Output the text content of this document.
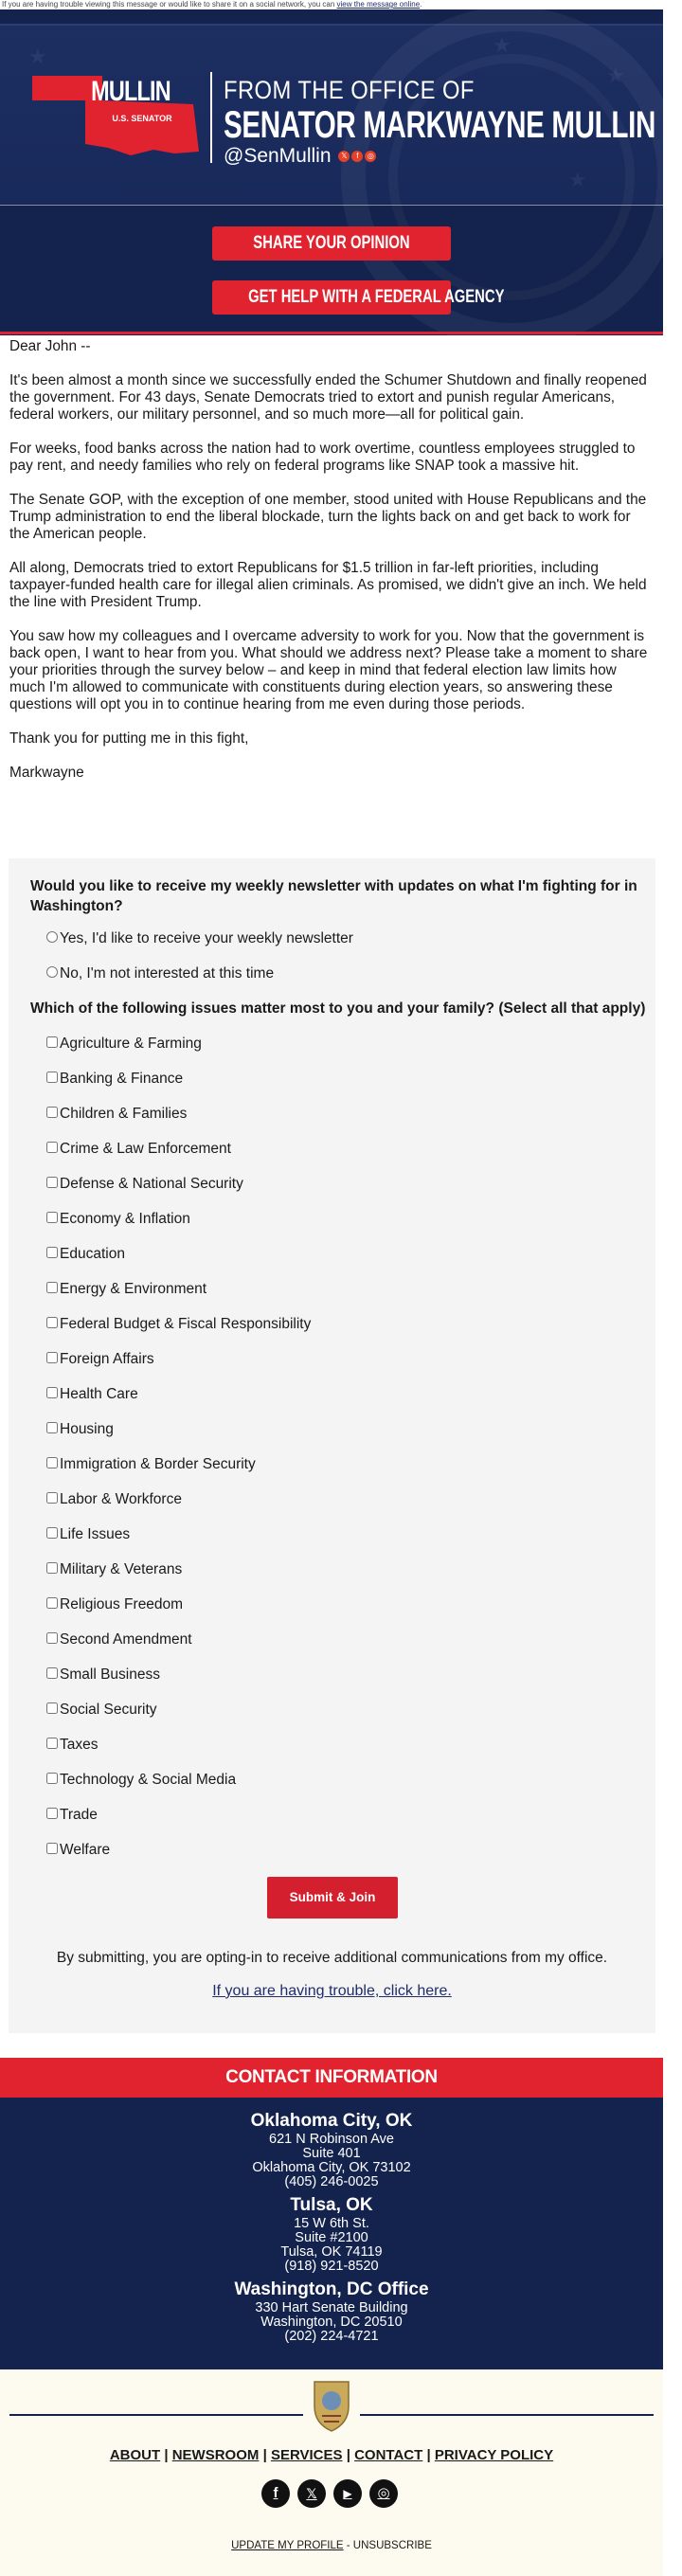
If you are having trouble viewing this message or would like to share it on a social network, you can view the message online.
★
★
★
★
MULLIN
U.S. SENATOR
FROM THE OFFICE OF
SENATOR MARKWAYNE MULLIN
@SenMullin 𝕏 f ◎
SHARE YOUR OPINION
GET HELP WITH A FEDERAL AGENCY

Dear John --

It's been almost a month since we successfully ended the Schumer Shutdown and finally reopened the government. For 43 days, Senate Democrats tried to extort and punish regular Americans, federal workers, our military personnel, and so much more—all for political gain.

For weeks, food banks across the nation had to work overtime, countless employees struggled to pay rent, and needy families who rely on federal programs like SNAP took a massive hit.

The Senate GOP, with the exception of one member, stood united with House Republicans and the Trump administration to end the liberal blockade, turn the lights back on and get back to work for the American people.

All along, Democrats tried to extort Republicans for $1.5 trillion in far-left priorities, including taxpayer-funded health care for illegal alien criminals. As promised, we didn't give an inch. We held the line with President Trump.

You saw how my colleagues and I overcame adversity to work for you. Now that the government is back open, I want to hear from you. What should we address next? Please take a moment to share your priorities through the survey below – and keep in mind that federal election law limits how much I'm allowed to communicate with constituents during election years, so answering these questions will opt you in to continue hearing from me even during those periods.

Thank you for putting me in this fight,

Markwayne

Would you like to receive my weekly newsletter with updates on what I'm fighting for in Washington?
Yes, I'd like to receive your weekly newsletter
No, I'm not interested at this time
Which of the following issues matter most to you and your family? (Select all that apply)
Agriculture & Farming
Banking & Finance
Children & Families
Crime & Law Enforcement
Defense & National Security
Economy & Inflation
Education
Energy & Environment
Federal Budget & Fiscal Responsibility
Foreign Affairs
Health Care
Housing
Immigration & Border Security
Labor & Workforce
Life Issues
Military & Veterans
Religious Freedom
Second Amendment
Small Business
Social Security
Taxes
Technology & Social Media
Trade
Welfare
Submit & Join
By submitting, you are opting-in to receive additional communications from my office.
If you are having trouble, click here.
CONTACT INFORMATION
Oklahoma City, OK
621 N Robinson Ave
Suite 401
Oklahoma City, OK 73102
(405) 246-0025
Tulsa, OK
15 W 6th St.
Suite #2100
Tulsa, OK 74119
(918) 921-8520
Washington, DC Office
330 Hart Senate Building
Washington, DC 20510
(202) 224-4721
ABOUT | NEWSROOM | SERVICES | CONTACT | PRIVACY POLICY
f	𝕏	▶	◎
UPDATE MY PROFILE - UNSUBSCRIBE
